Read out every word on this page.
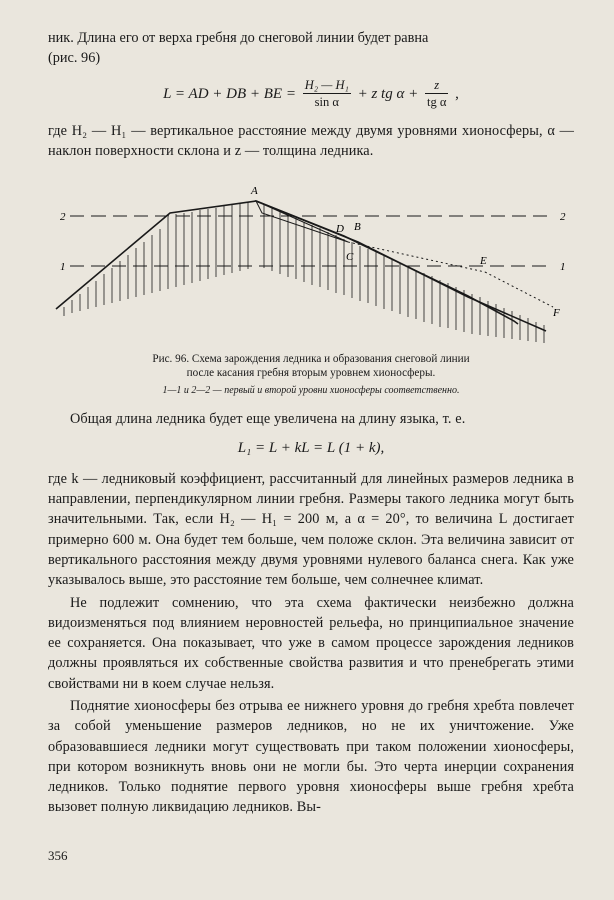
ник. Длина его от верха гребня до снеговой линии будет равна

(рис. 96)

L = AD + DB + BE = $\frac{\text{H₂ — H₁}}{\text{sin α}} + z$ tg $\alpha + \frac{z}{\text{tg α}}$ ,

где H₂ — H₁ — вертикальное расстояние между двумя уровнями хионосферы, α — наклон поверхности склона и z — толщина ледника.

A
2	2
1	1
D B
C	E
F
Рис. 96. Схема зарождения ледника и образования снеговой линии
после касания гребня вторым уровнем хионосферы.
1—1 и 2—2 — первый и второй уровни хионосферы соответственно.

Общая длина ледника будет еще увеличена на длину языка, т. е.

L₁ = L + kL = L (1 + k),

где k — ледниковый коэффициент, рассчитанный для линейных размеров ледника в направлении, перпендикулярном линии гребня. Размеры такого ледника могут быть значительными. Так, если H₂ — H₁ = 200 м, а α = 20°, то величина L достигает примерно 600 м. Она будет тем больше, чем положе склон. Эта величина зависит от вертикального расстояния между двумя уровнями нулевого баланса снега. Как уже указывалось выше, это расстояние тем больше, чем солнечнее климат.

Не подлежит сомнению, что эта схема фактически неизбежно должна видоизменяться под влиянием неровностей рельефа, но принципиальное значение ее сохраняется. Она показывает, что уже в самом процессе зарождения ледников должны проявляться их собственные свойства развития и что пренебрегать этими свойствами ни в коем случае нельзя.

Поднятие хионосферы без отрыва ее нижнего уровня до гребня хребта повлечет за собой уменьшение размеров ледников, но не их уничтожение. Уже образовавшиеся ледники могут существовать при таком положении хионосферы, при котором возникнуть вновь они не могли бы. Это черта инерции сохранения ледников. Только поднятие первого уровня хионосферы выше гребня хребта вызовет полную ликвидацию ледников. Вы-

356
